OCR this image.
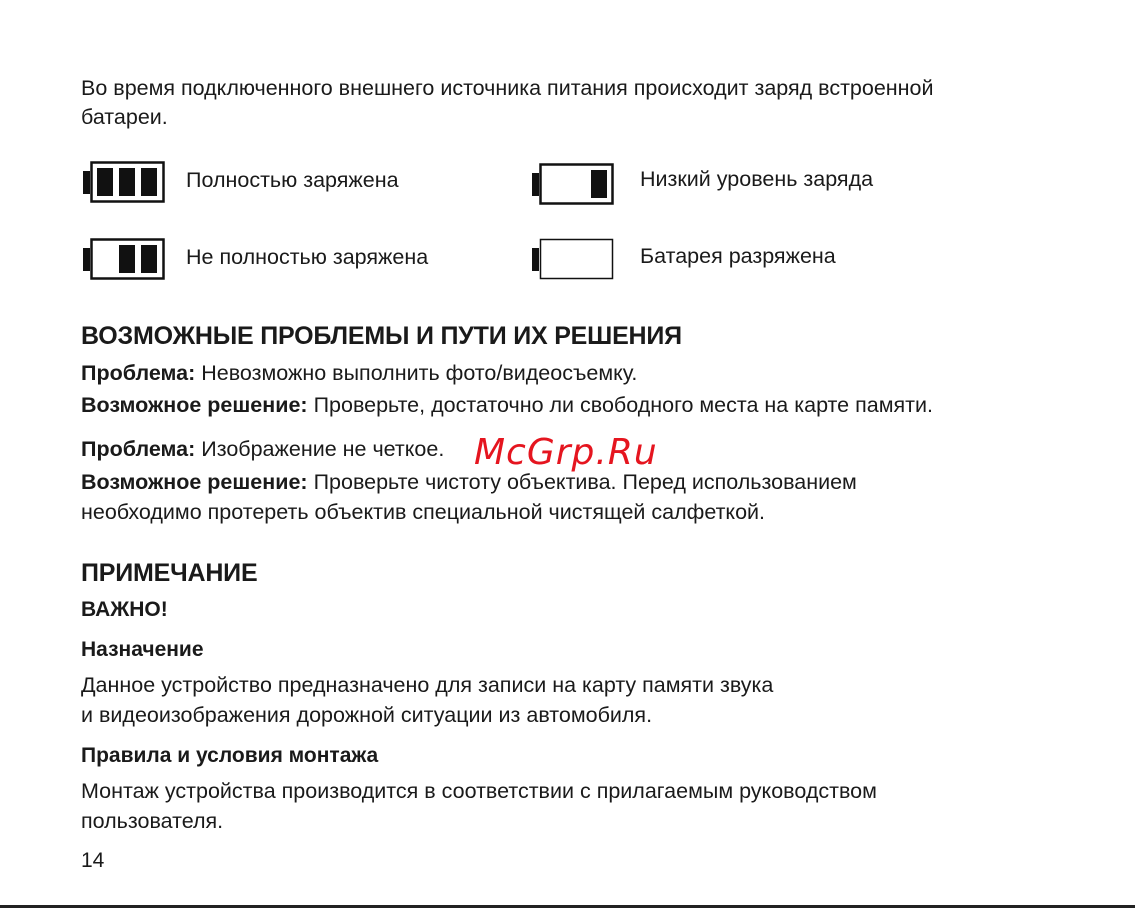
Во время подключенного внешнего источника питания происходит заряд встроенной
батареи.
Полностью заряжена	Низкий уровень заряда
Не полностью заряжена	Батарея разряжена
ВОЗМОЖНЫЕ ПРОБЛЕМЫ И ПУТИ ИХ РЕШЕНИЯ
Проблема: Невозможно выполнить фото/видеосъемку.
Возможное решение: Проверьте, достаточно ли свободного места на карте памяти.
Проблема: Изображение не четкое.
Возможное решение: Проверьте чистоту объектива. Перед использованием
необходимо протереть объектив специальной чистящей салфеткой.
McGrp.Ru
ПРИМЕЧАНИЕ
ВАЖНО!
Назначение
Данное устройство предназначено для записи на карту памяти звука
и видеоизображения дорожной ситуации из автомобиля.
Правила и условия монтажа
Монтаж устройства производится в соответствии с прилагаемым руководством
пользователя.
14
